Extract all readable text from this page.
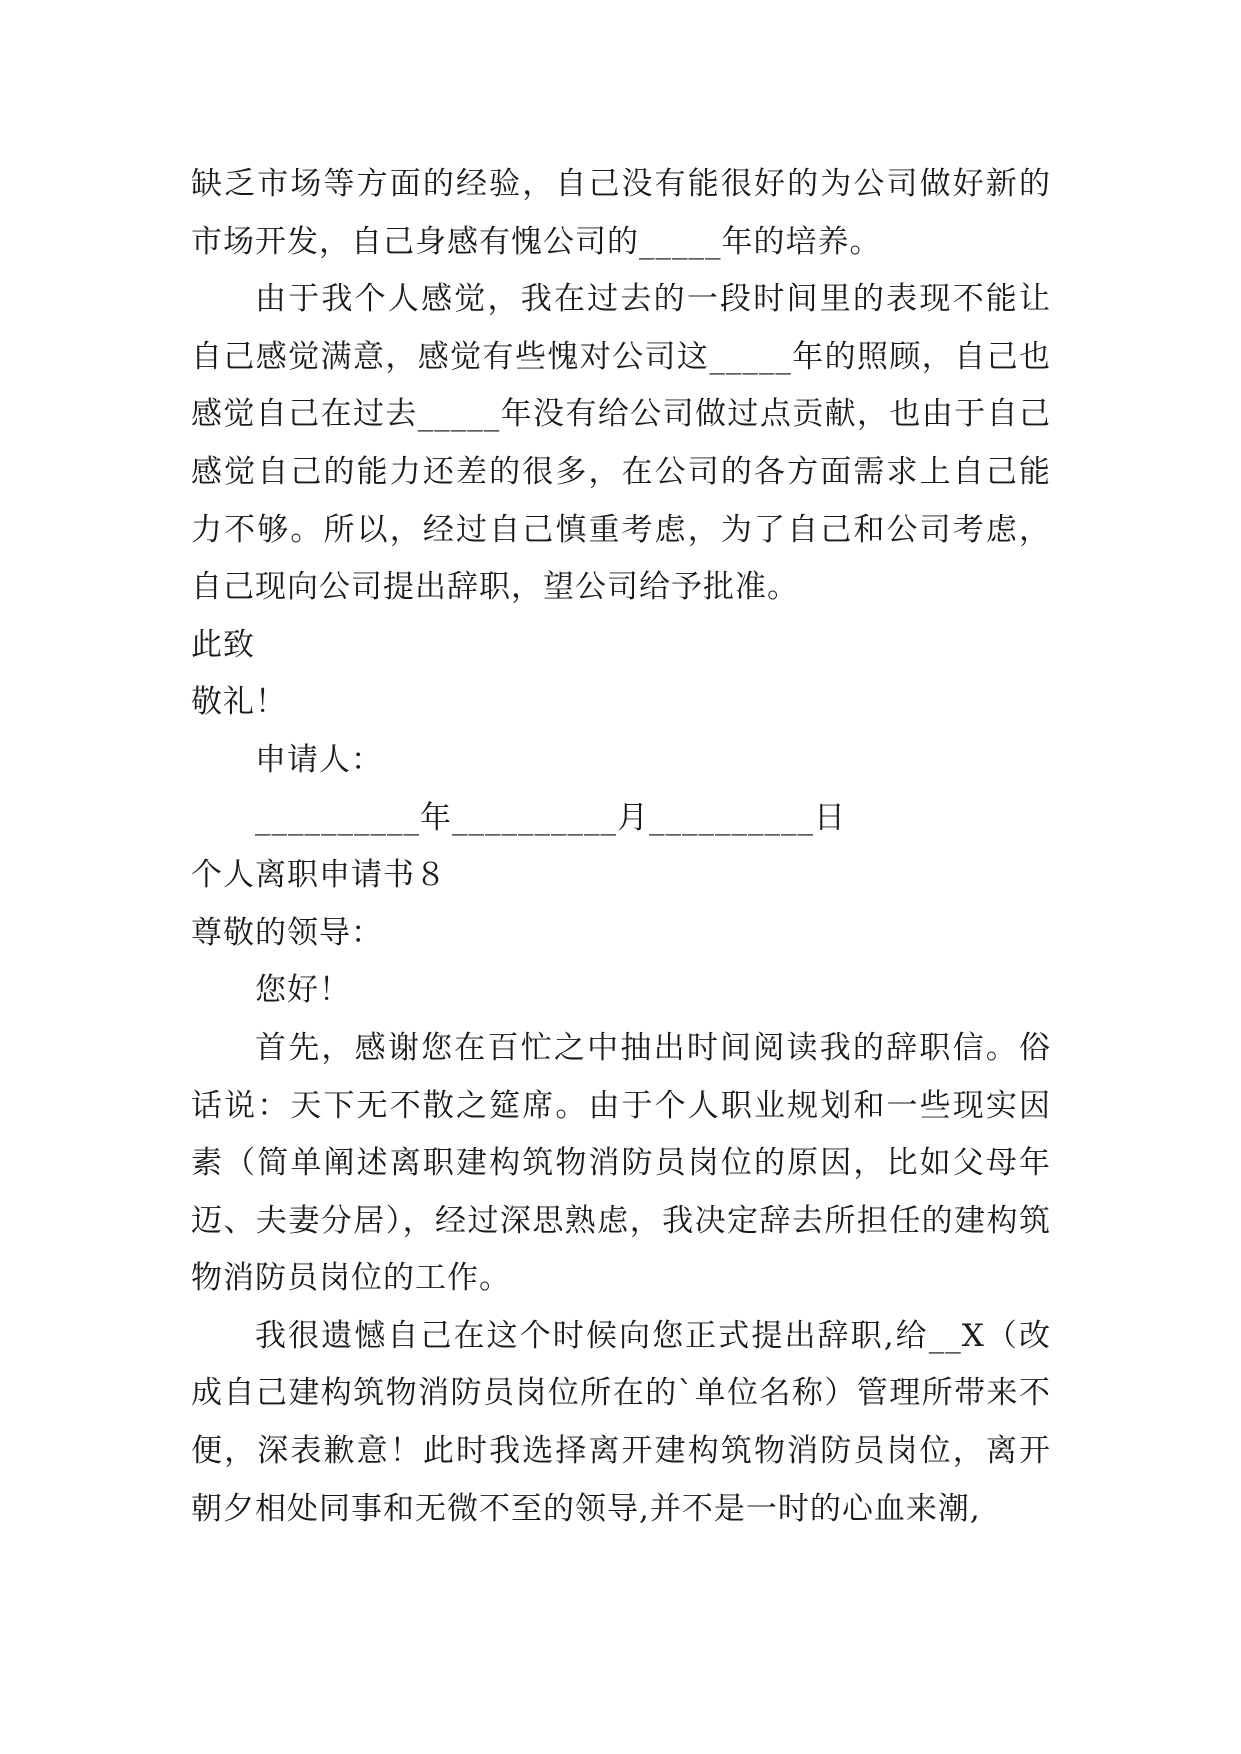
缺乏市场等方面的经验，自己没有能很好的为公司做好新的市场开发，自己身感有愧公司的_____年的培养。

由于我个人感觉，我在过去的一段时间里的表现不能让自己感觉满意，感觉有些愧对公司这_____年的照顾，自己也感觉自己在过去_____年没有给公司做过点贡献，也由于自己感觉自己的能力还差的很多，在公司的各方面需求上自己能力不够。所以，经过自己慎重考虑，为了自己和公司考虑，自己现向公司提出辞职，望公司给予批准。

此致

敬礼！

申请人：

__________年__________月__________日

个人离职申请书８

尊敬的领导：

您好！

首先，感谢您在百忙之中抽出时间阅读我的辞职信。俗话说：天下无不散之筵席。由于个人职业规划和一些现实因素（简单阐述离职建构筑物消防员岗位的原因，比如父母年迈、夫妻分居），经过深思熟虑，我决定辞去所担任的建构筑物消防员岗位的工作。

我很遗憾自己在这个时候向您正式提出辞职,给__X（改成自己建构筑物消防员岗位所在的`单位名称）管理所带来不便，深表歉意！此时我选择离开建构筑物消防员岗位，离开朝夕相处同事和无微不至的领导,并不是一时的心血来潮,
